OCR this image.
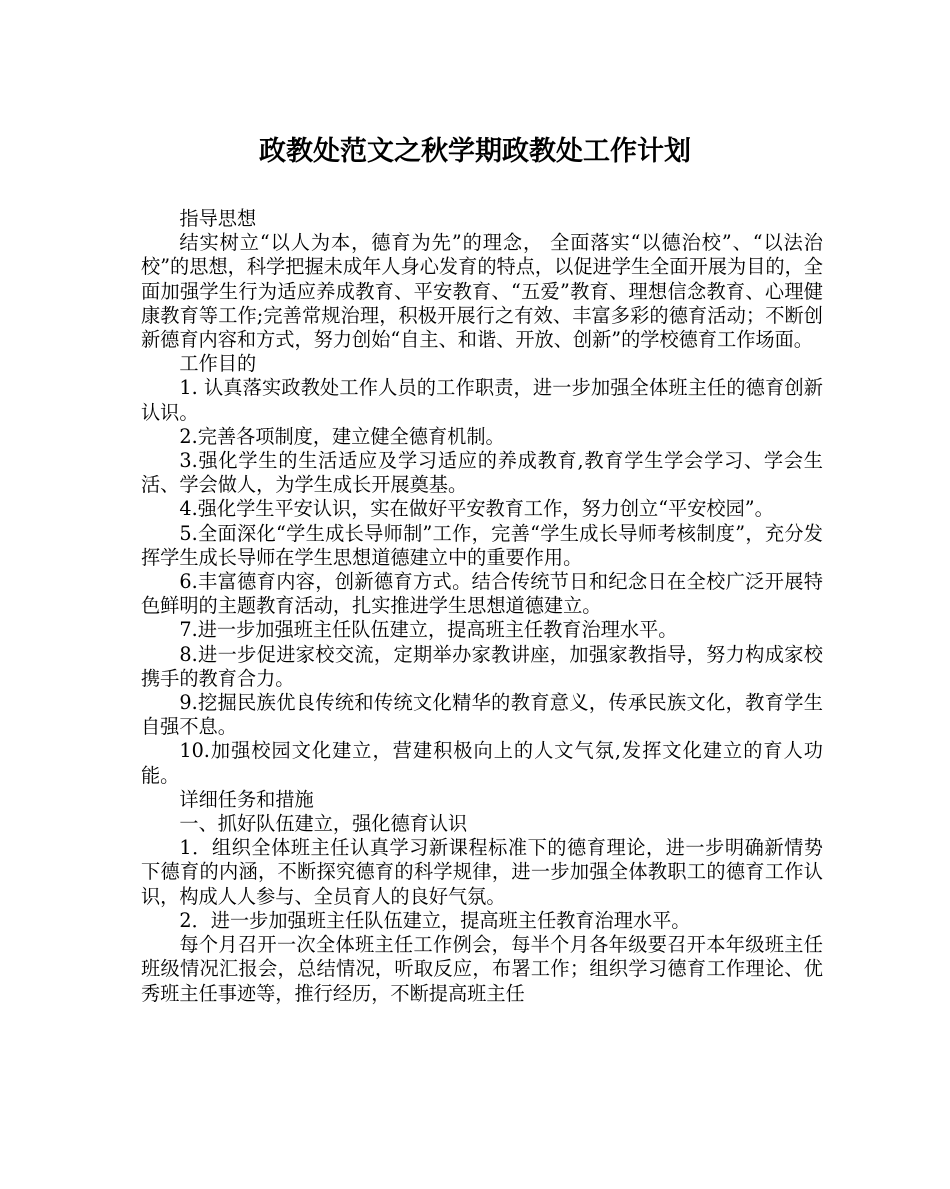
政教处范文之秋学期政教处工作计划

指导思想

结实树立“以人为本，德育为先”的理念， 全面落实“以德治校”、“以法治校”的思想，科学把握未成年人身心发育的特点，以促进学生全面开展为目的，全面加强学生行为适应养成教育、平安教育、“五爱”教育、理想信念教育、心理健康教育等工作;完善常规治理，积极开展行之有效、丰富多彩的德育活动；不断创新德育内容和方式，努力创始“自主、和谐、开放、创新”的学校德育工作场面。

工作目的

1. 认真落实政教处工作人员的工作职责，进一步加强全体班主任的德育创新认识。

2.完善各项制度，建立健全德育机制。

3.强化学生的生活适应及学习适应的养成教育,教育学生学会学习、学会生活、学会做人，为学生成长开展奠基。

4.强化学生平安认识，实在做好平安教育工作，努力创立“平安校园”。

5.全面深化“学生成长导师制”工作，完善“学生成长导师考核制度”，充分发挥学生成长导师在学生思想道德建立中的重要作用。

6.丰富德育内容，创新德育方式。结合传统节日和纪念日在全校广泛开展特色鲜明的主题教育活动，扎实推进学生思想道德建立。

7.进一步加强班主任队伍建立，提高班主任教育治理水平。

8.进一步促进家校交流，定期举办家教讲座，加强家教指导，努力构成家校携手的教育合力。

9.挖掘民族优良传统和传统文化精华的教育意义，传承民族文化，教育学生自强不息。

10.加强校园文化建立，营建积极向上的人文气氛,发挥文化建立的育人功能。

详细任务和措施

一、抓好队伍建立，强化德育认识

1．组织全体班主任认真学习新课程标准下的德育理论，进一步明确新情势下德育的内涵，不断探究德育的科学规律，进一步加强全体教职工的德育工作认识，构成人人参与、全员育人的良好气氛。

2．进一步加强班主任队伍建立，提高班主任教育治理水平。

每个月召开一次全体班主任工作例会，每半个月各年级要召开本年级班主任班级情况汇报会，总结情况，听取反应，布署工作；组织学习德育工作理论、优秀班主任事迹等，推行经历，不断提高班主任
